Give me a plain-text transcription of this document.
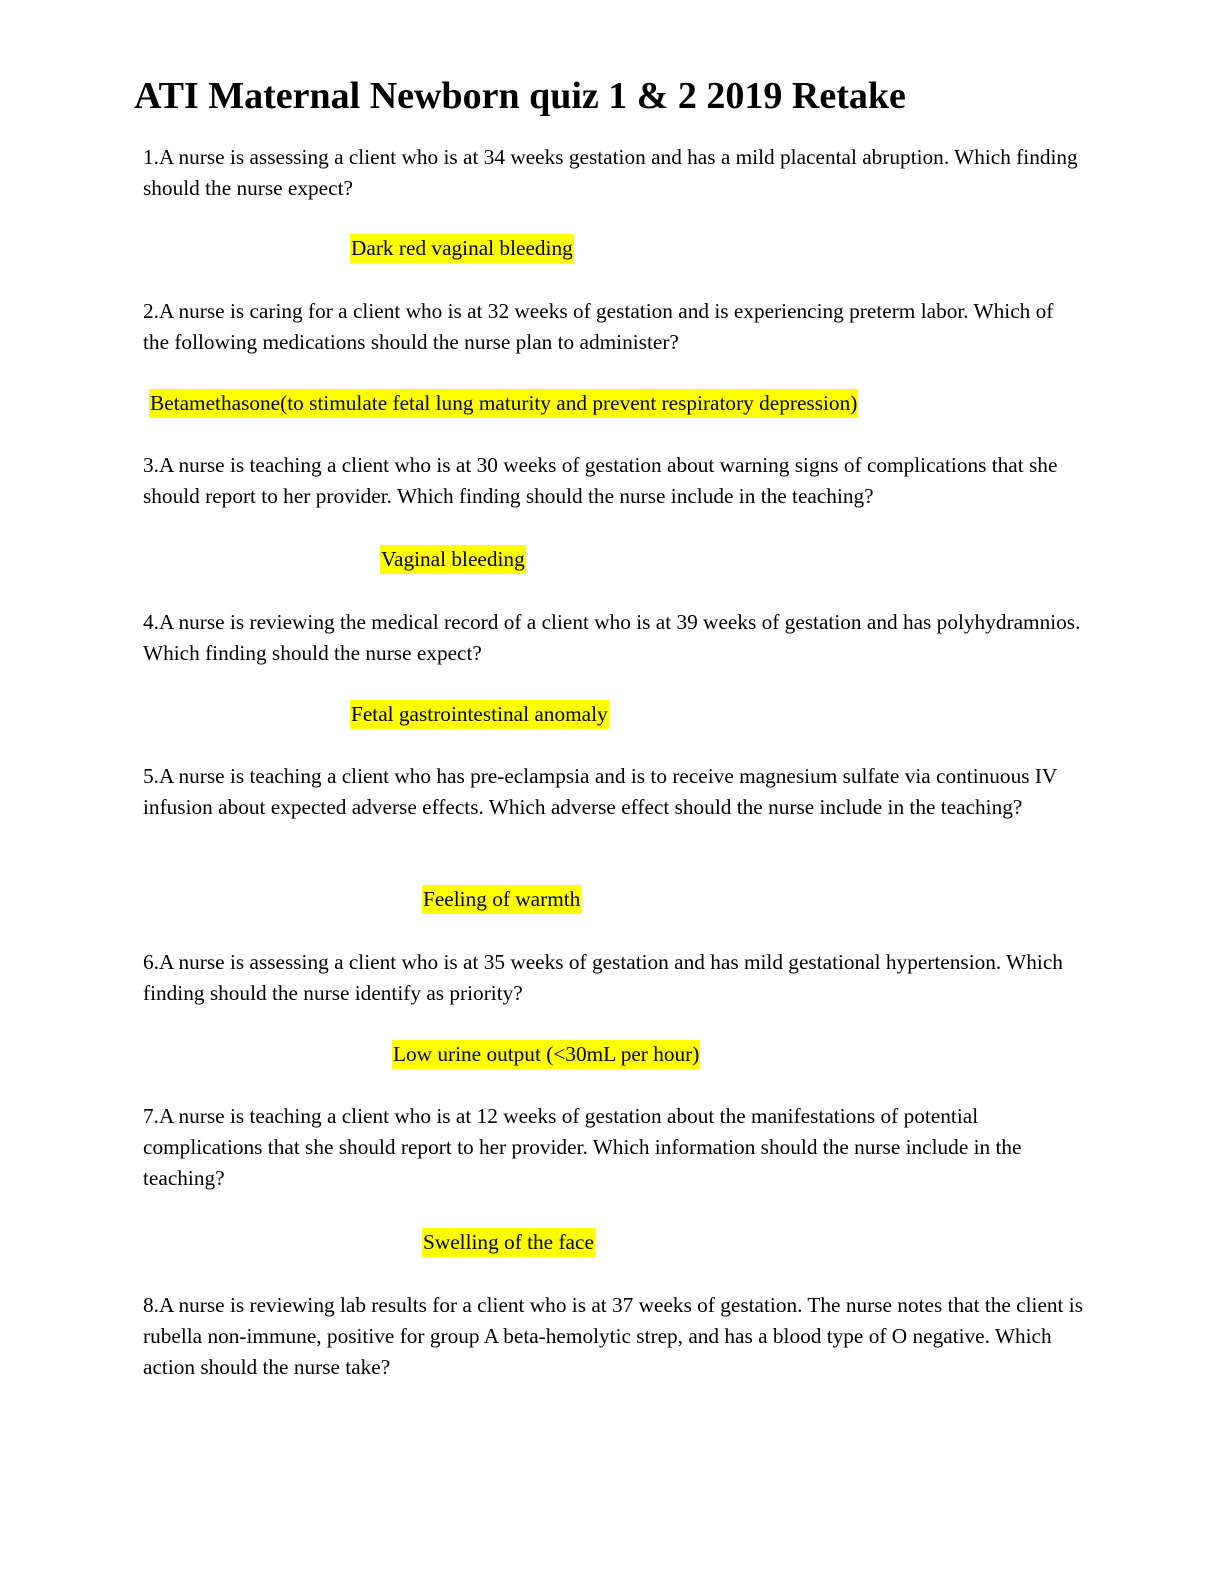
ATI Maternal Newborn quiz 1 & 2 2019 Retake

1.A nurse is assessing a client who is at 34 weeks gestation and has a mild placental abruption. Which finding should the nurse expect?

Dark red vaginal bleeding

2.A nurse is caring for a client who is at 32 weeks of gestation and is experiencing preterm labor. Which of the following medications should the nurse plan to administer?

Betamethasone(to stimulate fetal lung maturity and prevent respiratory depression)

3.A nurse is teaching a client who is at 30 weeks of gestation about warning signs of complications that she should report to her provider. Which finding should the nurse include in the teaching?

Vaginal bleeding

4.A nurse is reviewing the medical record of a client who is at 39 weeks of gestation and has polyhydramnios. Which finding should the nurse expect?

Fetal gastrointestinal anomaly

5.A nurse is teaching a client who has pre-eclampsia and is to receive magnesium sulfate via continuous IV infusion about expected adverse effects. Which adverse effect should the nurse include in the teaching?

Feeling of warmth

6.A nurse is assessing a client who is at 35 weeks of gestation and has mild gestational hypertension. Which finding should the nurse identify as priority?

Low urine output (<30mL per hour)

7.A nurse is teaching a client who is at 12 weeks of gestation about the manifestations of potential complications that she should report to her provider. Which information should the nurse include in the teaching?

Swelling of the face

8.A nurse is reviewing lab results for a client who is at 37 weeks of gestation. The nurse notes that the client is rubella non-immune, positive for group A beta-hemolytic strep, and has a blood type of O negative. Which action should the nurse take?
